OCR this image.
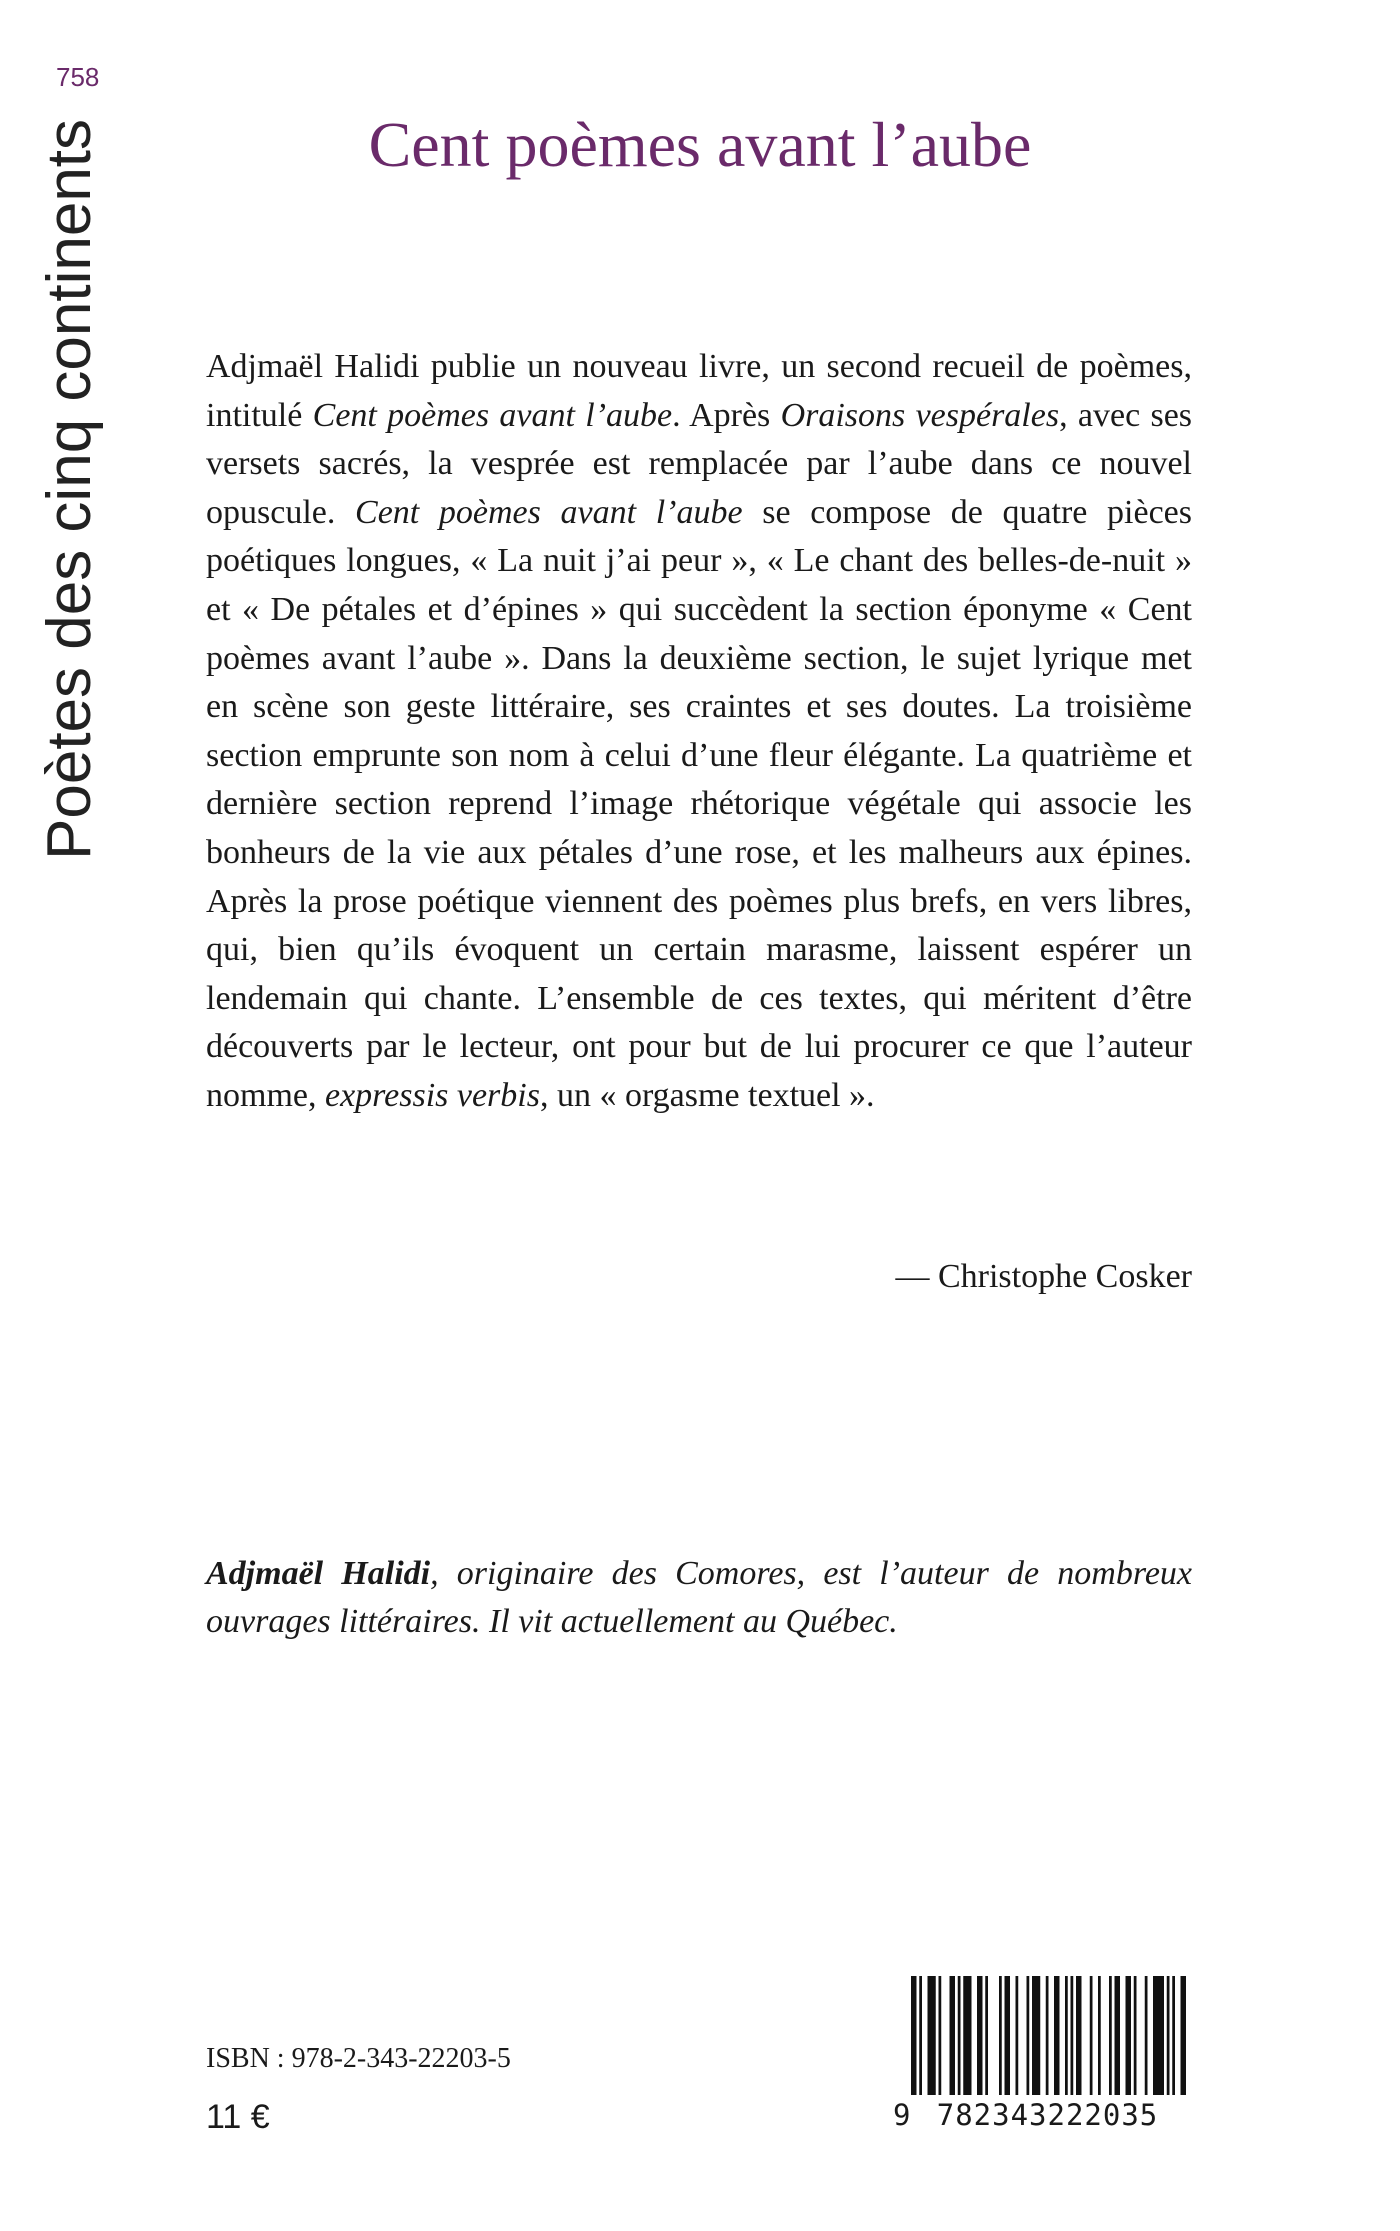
758
Poètes des cinq continents	Cent poèmes avant l’aube

Adjmaël Halidi publie un nouveau livre, un second recueil de poèmes, intitulé Cent poèmes avant l’aube. Après Oraisons vespérales, avec ses versets sacrés, la vesprée est remplacée par l’aube dans ce nouvel opuscule. Cent poèmes avant l’aube se compose de quatre pièces poétiques longues, « La nuit j’ai peur », « Le chant des belles-de-nuit » et « De pétales et d’épines » qui succèdent la section éponyme « Cent poèmes avant l’aube ». Dans la deuxième section, le sujet lyrique met en scène son geste littéraire, ses craintes et ses doutes. La troisième section emprunte son nom à celui d’une fleur élégante. La quatrième et dernière section reprend l’image rhétorique végétale qui associe les bonheurs de la vie aux pétales d’une rose, et les malheurs aux épines. Après la prose poétique viennent des poèmes plus brefs, en vers libres, qui, bien qu’ils évoquent un certain marasme, laissent espérer un lendemain qui chante. L’ensemble de ces textes, qui méritent d’être découverts par le lecteur, ont pour but de lui procurer ce que l’auteur nomme, expressis verbis, un « orgasme textuel ».

— Christophe Cosker

Adjmaël Halidi, originaire des Comores, est l’auteur de nombreux ouvrages littéraires. Il vit actuellement au Québec.

ISBN : 978-2-343-22203-5
11 €	9 782343222035
